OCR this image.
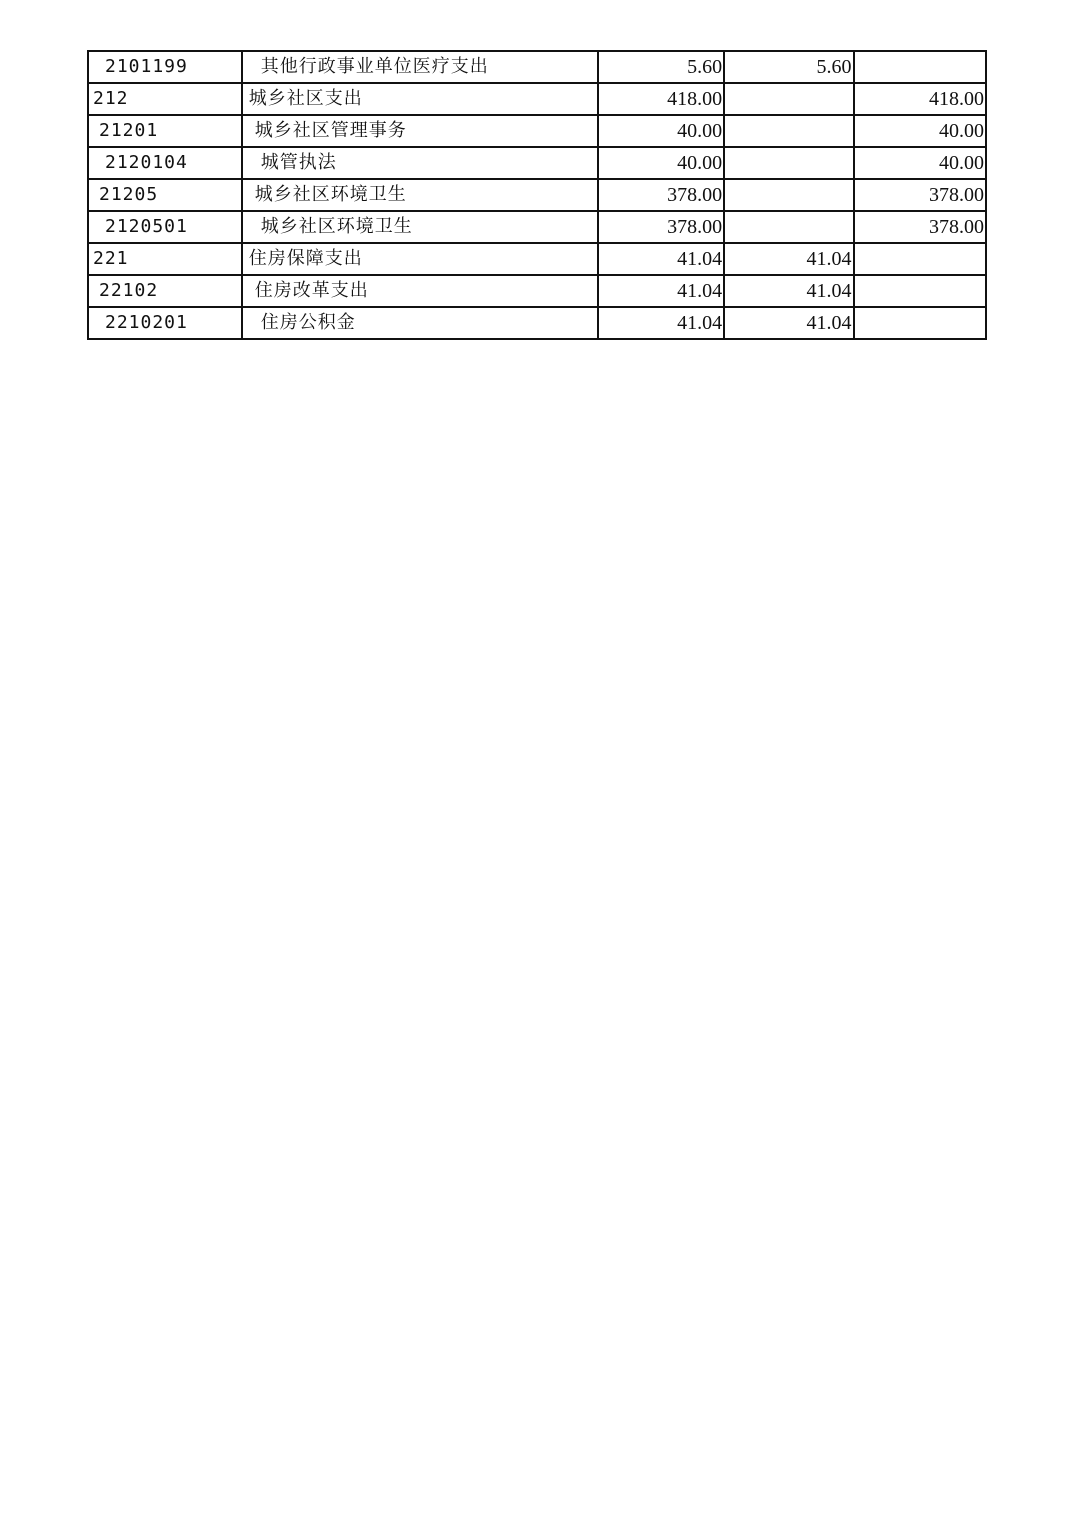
2101199	其他行政事业单位医疗支出	5.60	5.60	
212	城乡社区支出	418.00		418.00
21201	城乡社区管理事务	40.00		40.00
2120104	城管执法	40.00		40.00
21205	城乡社区环境卫生	378.00		378.00
2120501	城乡社区环境卫生	378.00		378.00
221	住房保障支出	41.04	41.04	
22102	住房改革支出	41.04	41.04	
2210201	住房公积金	41.04	41.04	
